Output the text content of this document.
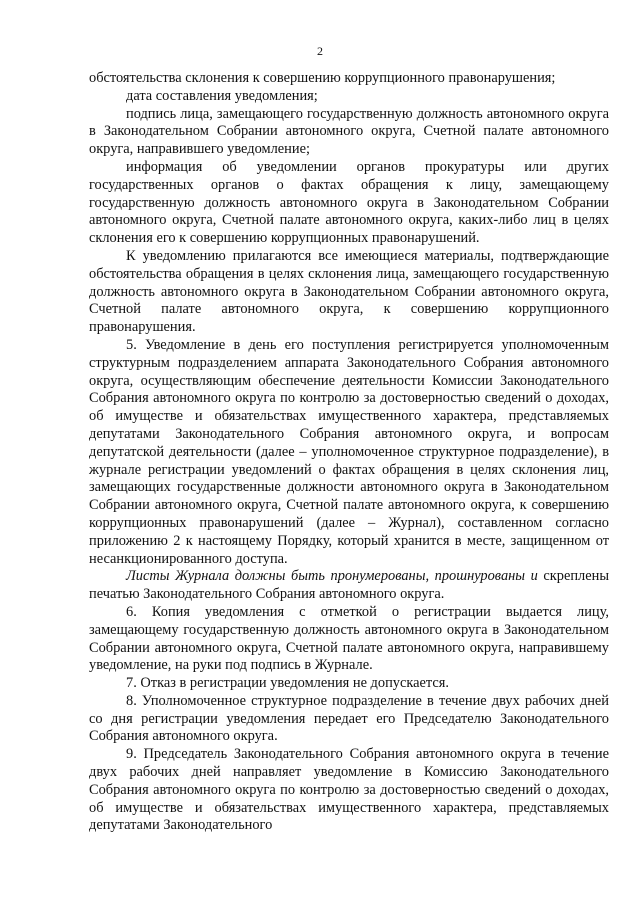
2

обстоятельства склонения к совершению коррупционного правонарушения;

дата составления уведомления;

подпись лица, замещающего государственную должность автономного округа в Законодательном Собрании автономного округа, Счетной палате автономного округа, направившего уведомление;

информация об уведомлении органов прокуратуры или других государственных органов о фактах обращения к лицу, замещающему государственную должность автономного округа в Законодательном Собрании автономного округа, Счетной палате автономного округа, каких-либо лиц в целях склонения его к совершению коррупционных правонарушений.

К уведомлению прилагаются все имеющиеся материалы, подтверждающие обстоятельства обращения в целях склонения лица, замещающего государственную должность автономного округа в Законодательном Собрании автономного округа, Счетной палате автономного округа, к совершению коррупционного правонарушения.

5. Уведомление в день его поступления регистрируется уполномоченным структурным подразделением аппарата Законодательного Собрания автономного округа, осуществляющим обеспечение деятельности Комиссии Законодательного Собрания автономного округа по контролю за достоверностью сведений о доходах, об имуществе и обязательствах имущественного характера, представляемых депутатами Законодательного Собрания автономного округа, и вопросам депутатской деятельности (далее – уполномоченное структурное подразделение), в журнале регистрации уведомлений о фактах обращения в целях склонения лиц, замещающих государственные должности автономного округа в Законодательном Собрании автономного округа, Счетной палате автономного округа, к совершению коррупционных правонарушений (далее – Журнал), составленном согласно приложению 2 к настоящему Порядку, который хранится в месте, защищенном от несанкционированного доступа.

Листы Журнала должны быть пронумерованы, прошнурованы и скреплены печатью Законодательного Собрания автономного округа.

6. Копия уведомления с отметкой о регистрации выдается лицу, замещающему государственную должность автономного округа в Законодательном Собрании автономного округа, Счетной палате автономного округа, направившему уведомление, на руки под подпись в Журнале.

7. Отказ в регистрации уведомления не допускается.

8. Уполномоченное структурное подразделение в течение двух рабочих дней со дня регистрации уведомления передает его Председателю Законодательного Собрания автономного округа.

9. Председатель Законодательного Собрания автономного округа в течение двух рабочих дней направляет уведомление в Комиссию Законодательного Собрания автономного округа по контролю за достоверностью сведений о доходах, об имуществе и обязательствах имущественного характера, представляемых депутатами Законодательного
